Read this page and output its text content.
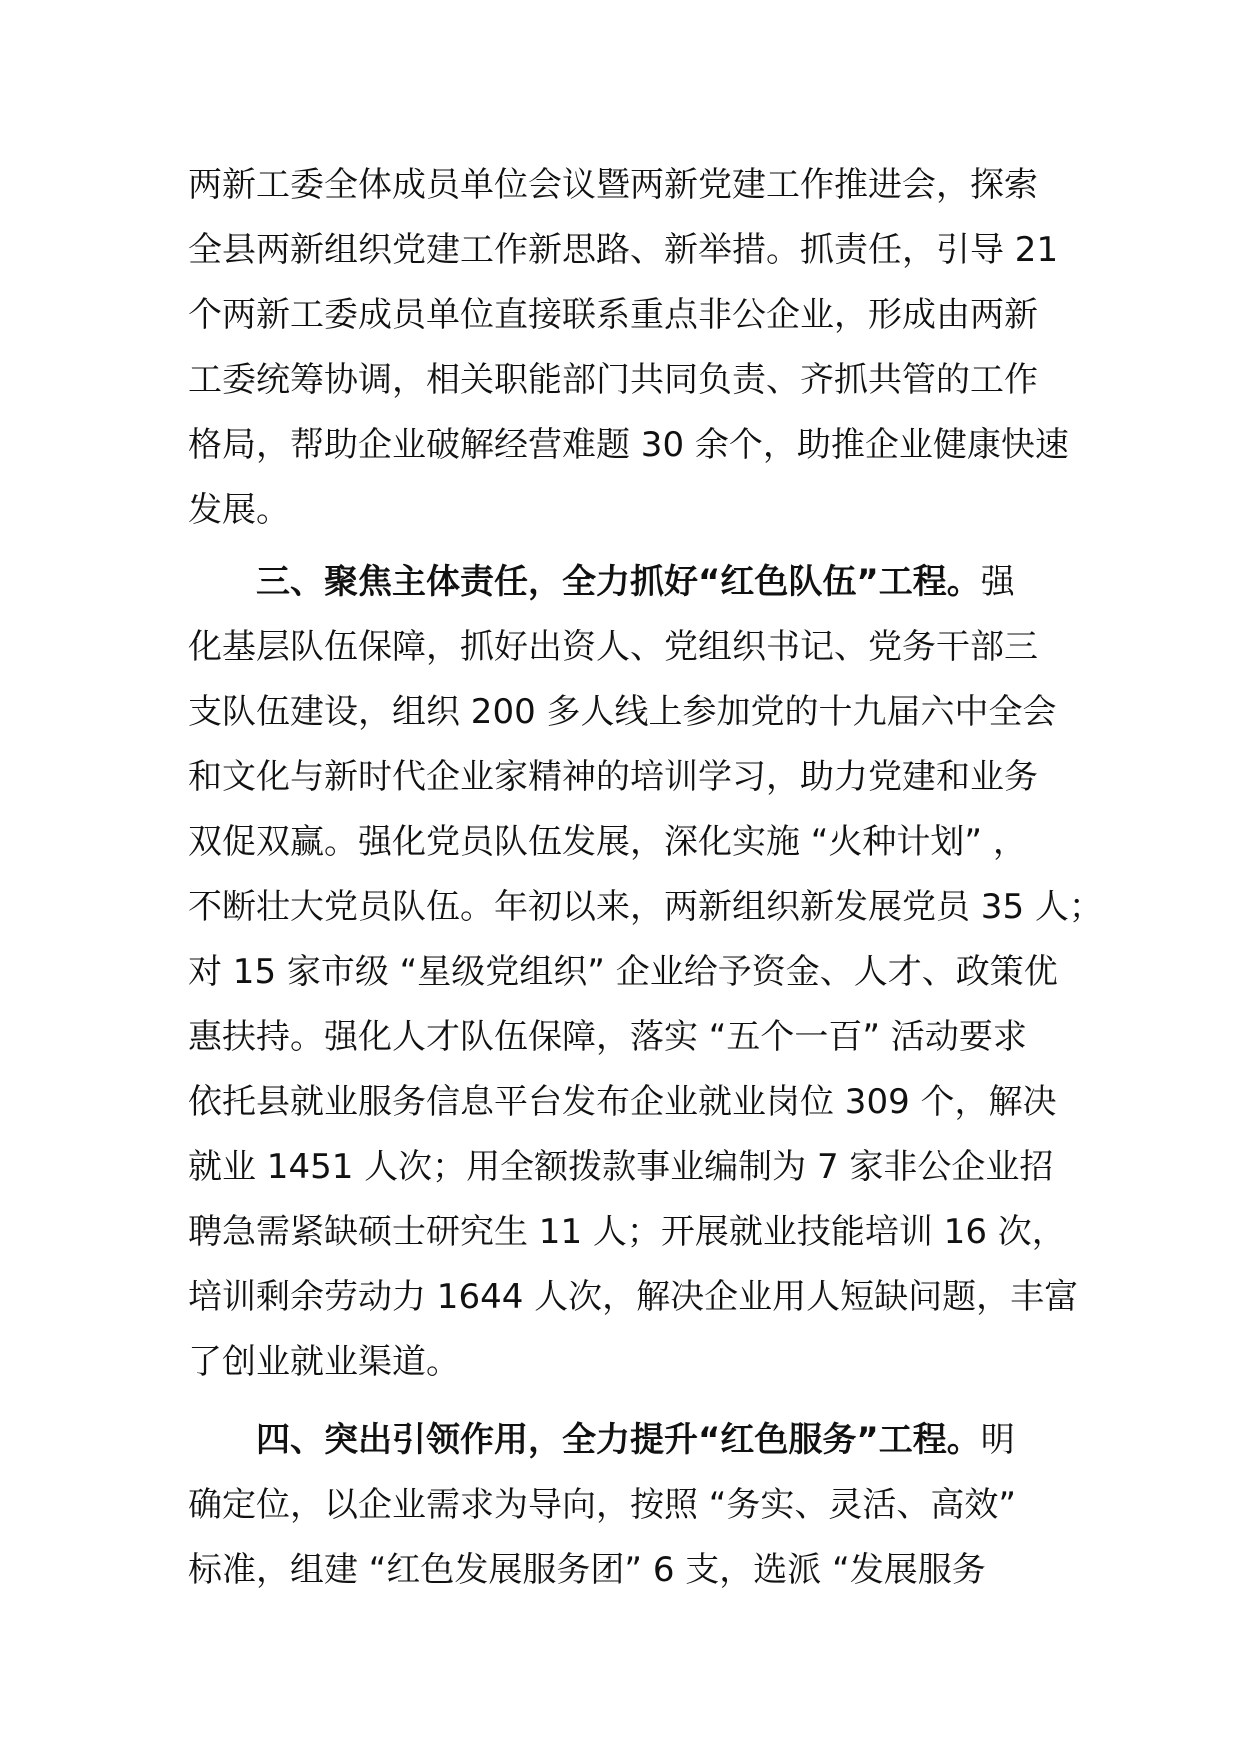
两新工委全体成员单位会议暨两新党建工作推进会，探索
全县两新组织党建工作新思路、新举措。抓责任，引导 21
个两新工委成员单位直接联系重点非公企业，形成由两新
工委统筹协调，相关职能部门共同负责、齐抓共管的工作
格局，帮助企业破解经营难题 30 余个，助推企业健康快速
发展。
三、聚焦主体责任，全力抓好“红色队伍”工程。强
化基层队伍保障，抓好出资人、党组织书记、党务干部三
支队伍建设，组织 200 多人线上参加党的十九届六中全会
和文化与新时代企业家精神的培训学习，助力党建和业务
双促双赢。强化党员队伍发展，深化实施 “火种计划” ，
不断壮大党员队伍。年初以来，两新组织新发展党员 35 人；
对 15 家市级 “星级党组织” 企业给予资金、人才、政策优
惠扶持。强化人才队伍保障，落实 “五个一百” 活动要求
依托县就业服务信息平台发布企业就业岗位 309 个，解决
就业 1451 人次；用全额拨款事业编制为 7 家非公企业招
聘急需紧缺硕士研究生 11 人；开展就业技能培训 16 次，
培训剩余劳动力 1644 人次，解决企业用人短缺问题，丰富
了创业就业渠道。
四、突出引领作用，全力提升“红色服务”工程。明
确定位，以企业需求为导向，按照 “务实、灵活、高效”
标准，组建 “红色发展服务团” 6 支，选派 “发展服务
